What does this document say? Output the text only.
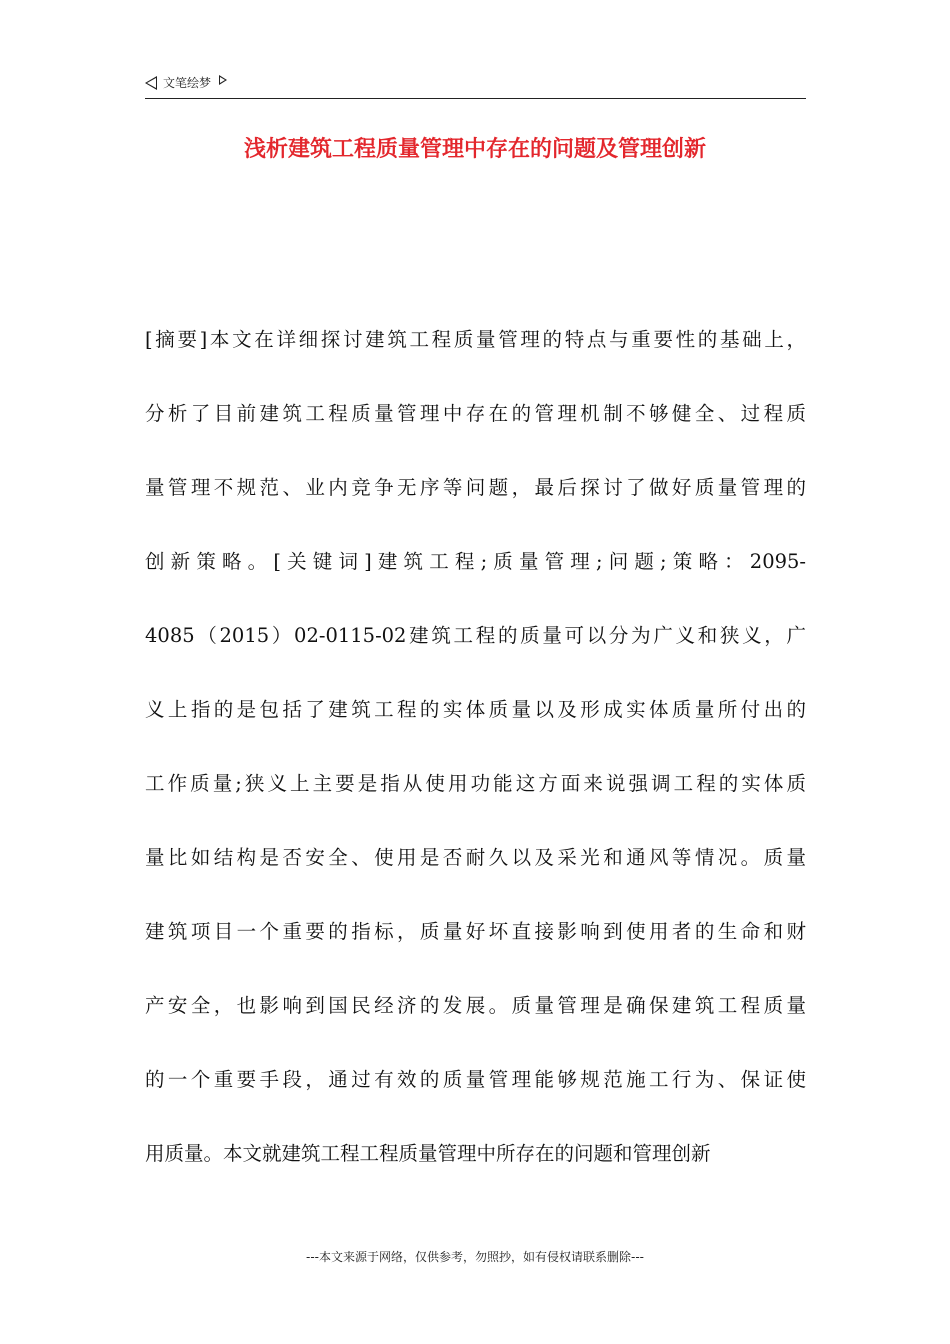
文笔绘梦
浅析建筑工程质量管理中存在的问题及管理创新
[摘要]本文在详细探讨建筑工程质量管理的特点与重要性的基础上，
分析了目前建筑工程质量管理中存在的管理机制不够健全、过程质
量管理不规范、业内竞争无序等问题，最后探讨了做好质量管理的
创新策略。[关键词]建筑工程;质量管理;问题;策略：2095-
4085（2015）02-0115-02建筑工程的质量可以分为广义和狭义，广
义上指的是包括了建筑工程的实体质量以及形成实体质量所付出的
工作质量;狭义上主要是指从使用功能这方面来说强调工程的实体质
量比如结构是否安全、使用是否耐久以及采光和通风等情况。质量
建筑项目一个重要的指标，质量好坏直接影响到使用者的生命和财
产安全，也影响到国民经济的发展。质量管理是确保建筑工程质量
的一个重要手段，通过有效的质量管理能够规范施工行为、保证使
用质量。本文就建筑工程工程质量管理中所存在的问题和管理创新
---本文来源于网络，仅供参考，勿照抄，如有侵权请联系删除---
